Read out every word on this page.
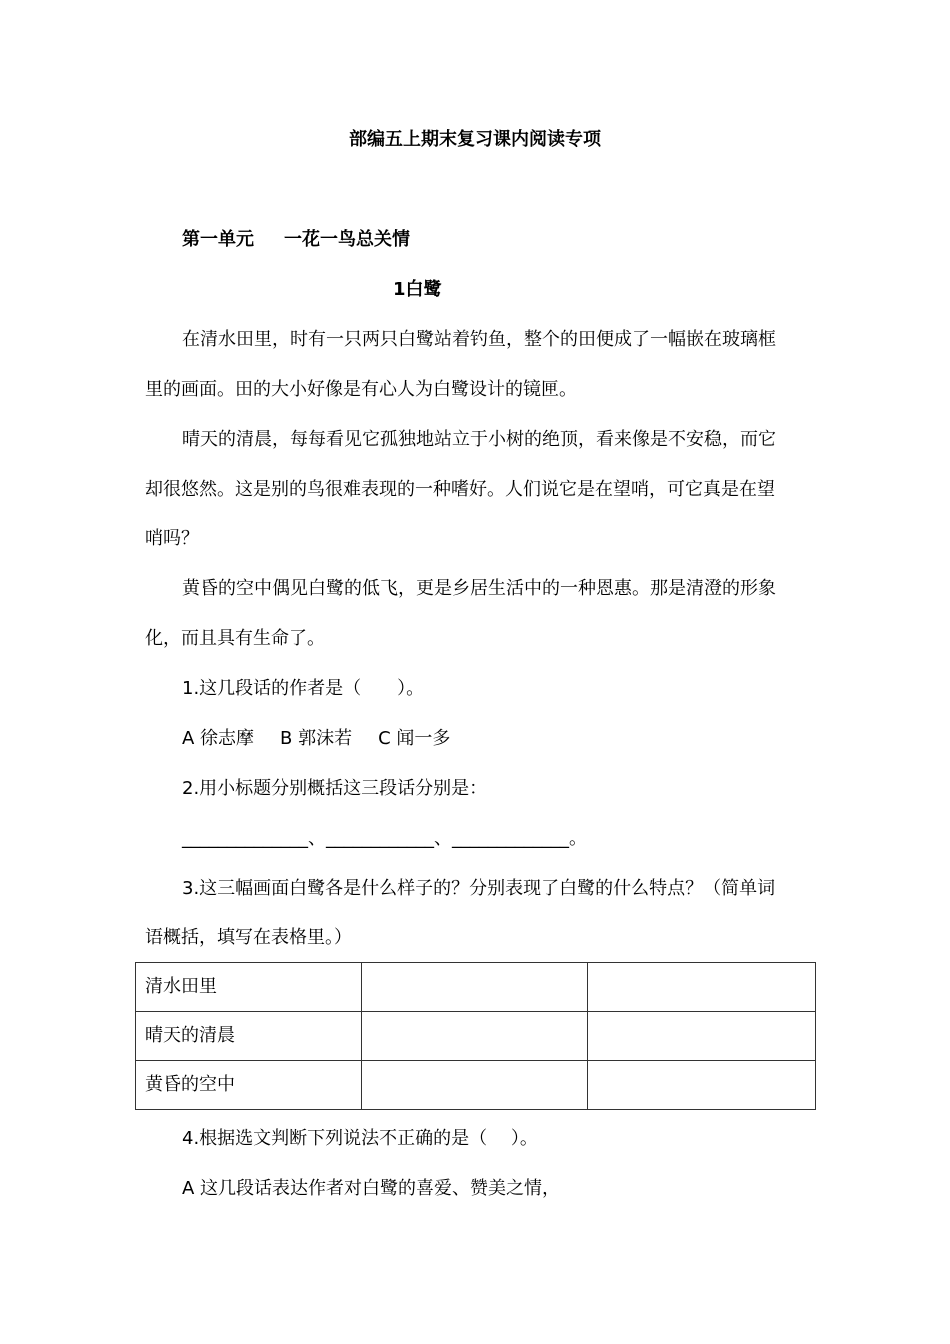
部编五上期末复习课内阅读专项
第一单元 一花一鸟总关情
1白鹭
在清水田里，时有一只两只白鹭站着钓鱼，整个的田便成了一幅嵌在玻璃框
里的画面。田的大小好像是有心人为白鹭设计的镜匣。
晴天的清晨，每每看见它孤独地站立于小树的绝顶，看来像是不安稳，而它
却很悠然。这是别的鸟很难表现的一种嗜好。人们说它是在望哨，可它真是在望
哨吗？
黄昏的空中偶见白鹭的低飞，更是乡居生活中的一种恩惠。那是清澄的形象
化，而且具有生命了。
1.这几段话的作者是（　　）。
A 徐志摩 B 郭沫若 C 闻一多
2.用小标题分别概括这三段话分别是：
______________、____________、_____________。
3.这三幅画面白鹭各是什么样子的？分别表现了白鹭的什么特点？（简单词
语概括，填写在表格里。）
清水田里		
晴天的清晨		
黄昏的空中		
4.根据选文判断下列说法不正确的是（　 ）。
A 这几段话表达作者对白鹭的喜爱、赞美之情，
